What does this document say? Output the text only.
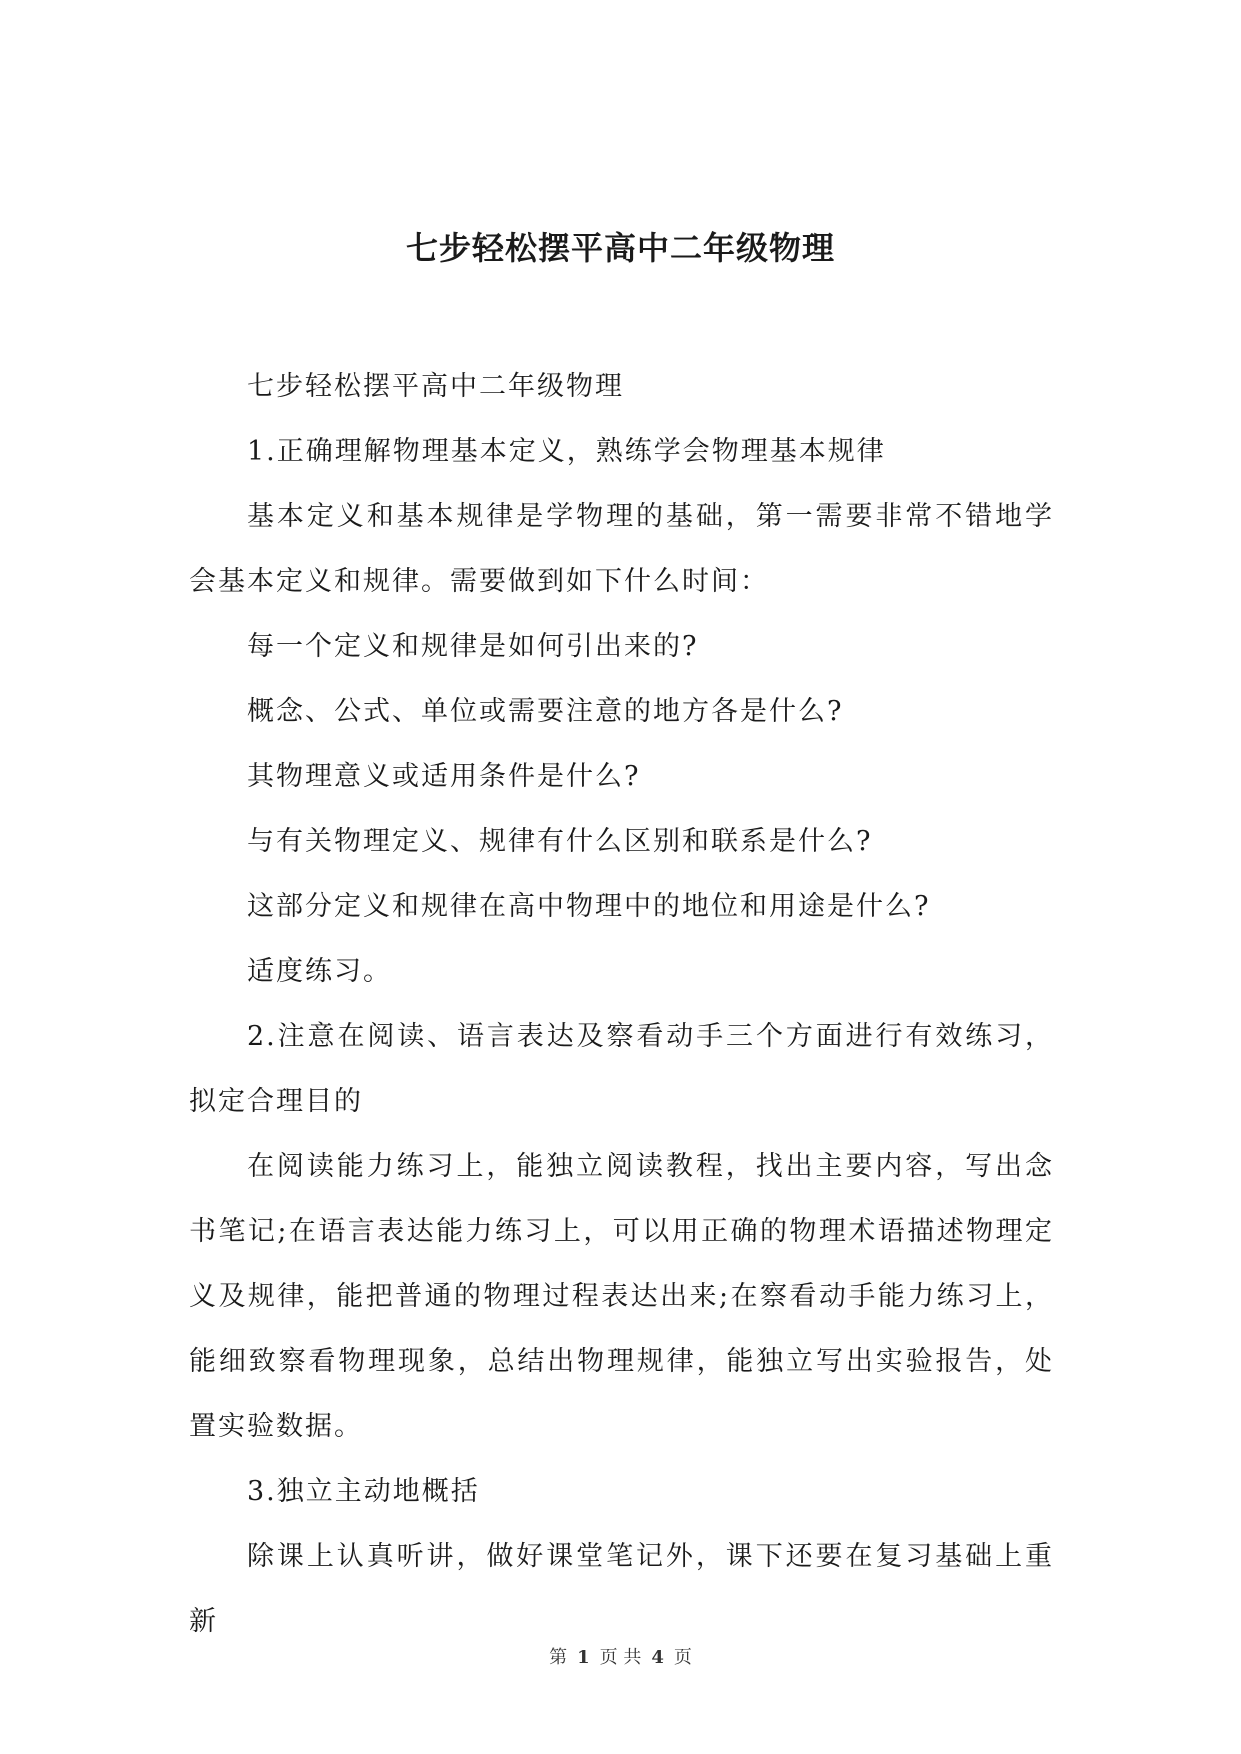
七步轻松摆平高中二年级物理

七步轻松摆平高中二年级物理

1.正确理解物理基本定义，熟练学会物理基本规律

基本定义和基本规律是学物理的基础，第一需要非常不错地学会基本定义和规律。需要做到如下什么时间：

每一个定义和规律是如何引出来的?

概念、公式、单位或需要注意的地方各是什么?

其物理意义或适用条件是什么?

与有关物理定义、规律有什么区别和联系是什么?

这部分定义和规律在高中物理中的地位和用途是什么?

适度练习。

2.注意在阅读、语言表达及察看动手三个方面进行有效练习，拟定合理目的

在阅读能力练习上，能独立阅读教程，找出主要内容，写出念书笔记;在语言表达能力练习上，可以用正确的物理术语描述物理定义及规律，能把普通的物理过程表达出来;在察看动手能力练习上，能细致察看物理现象，总结出物理规律，能独立写出实验报告，处置实验数据。

3.独立主动地概括

除课上认真听讲，做好课堂笔记外，课下还要在复习基础上重新

第 1 页 共 4 页
